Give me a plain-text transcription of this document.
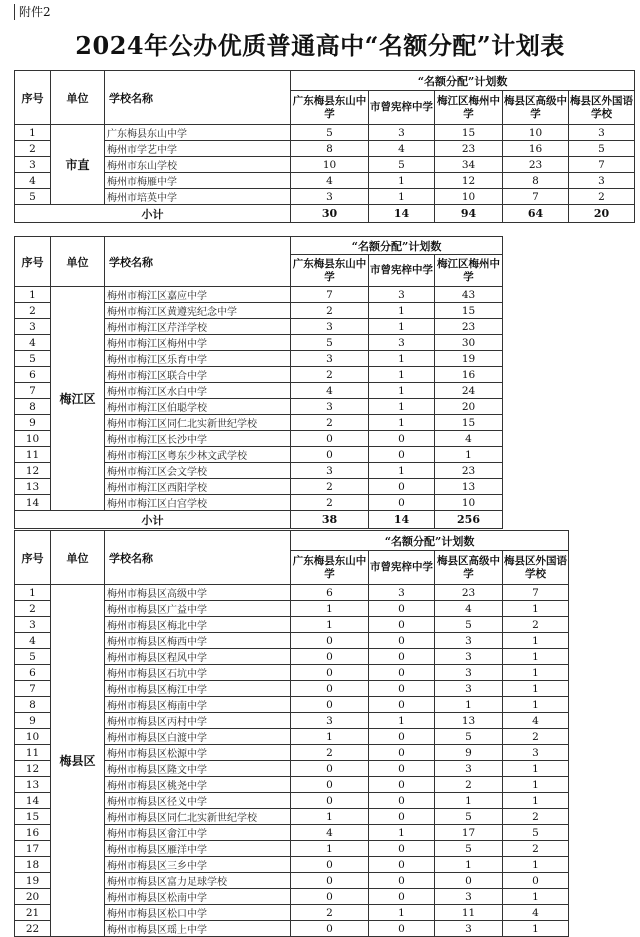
附件2
2024年公办优质普通高中“名额分配”计划表
序号	单位	学校名称	“名额分配”计划数				
			广东梅县东山中学	市曾宪梓中学	梅江区梅州中学	梅县区高级中学	梅县区外国语学校
1	市直	广东梅县东山中学	5	3	15	10	3
2		梅州市学艺中学	8	4	23	16	5
3		梅州市东山学校	10	5	34	23	7
4		梅州市梅雁中学	4	1	12	8	3
5		梅州市培英中学	3	1	10	7	2
小计			30	14	94	64	20
序号	单位	学校名称	“名额分配”计划数			
			广东梅县东山中学	市曾宪梓中学	梅江区梅州中学	
1	梅江区	梅州市梅江区嘉应中学	7	3	43	
2		梅州市梅江区黄遵宪纪念中学	2	1	15	
3		梅州市梅江区芹洋学校	3	1	23	
4		梅州市梅江区梅州中学	5	3	30	
5		梅州市梅江区乐育中学	3	1	19	
6		梅州市梅江区联合中学	2	1	16	
7		梅州市梅江区水白中学	4	1	24	
8		梅州市梅江区伯聪学校	3	1	20	
9		梅州市梅江区同仁北实新世纪学校	2	1	15	
10		梅州市梅江区长沙中学	0	0	4	
11		梅州市梅江区粤东少林文武学校	0	0	1	
12		梅州市梅江区会文学校	3	1	23	
13		梅州市梅江区西阳学校	2	0	13	
14		梅州市梅江区白宫学校	2	0	10	
小计			38	14	256	
序号	单位	学校名称	“名额分配”计划数				
			广东梅县东山中学	市曾宪梓中学	梅县区高级中学	梅县区外国语学校	
1	梅县区	梅州市梅县区高级中学	6	3	23	7	
2		梅州市梅县区广益中学	1	0	4	1	
3		梅州市梅县区梅北中学	1	0	5	2	
4		梅州市梅县区梅西中学	0	0	3	1	
5		梅州市梅县区程风中学	0	0	3	1	
6		梅州市梅县区石坑中学	0	0	3	1	
7		梅州市梅县区梅江中学	0	0	3	1	
8		梅州市梅县区梅南中学	0	0	1	1	
9		梅州市梅县区丙村中学	3	1	13	4	
10		梅州市梅县区白渡中学	1	0	5	2	
11		梅州市梅县区松源中学	2	0	9	3	
12		梅州市梅县区隆文中学	0	0	3	1	
13		梅州市梅县区桃尧中学	0	0	2	1	
14		梅州市梅县区径义中学	0	0	1	1	
15		梅州市梅县区同仁北实新世纪学校	1	0	5	2	
16		梅州市梅县区畲江中学	4	1	17	5	
17		梅州市梅县区雁洋中学	1	0	5	2	
18		梅州市梅县区三乡中学	0	0	1	1	
19		梅州市梅县区富力足球学校	0	0	0	0	
20		梅州市梅县区松南中学	0	0	3	1	
21		梅州市梅县区松口中学	2	1	11	4	
22		梅州市梅县区瑶上中学	0	0	3	1	
